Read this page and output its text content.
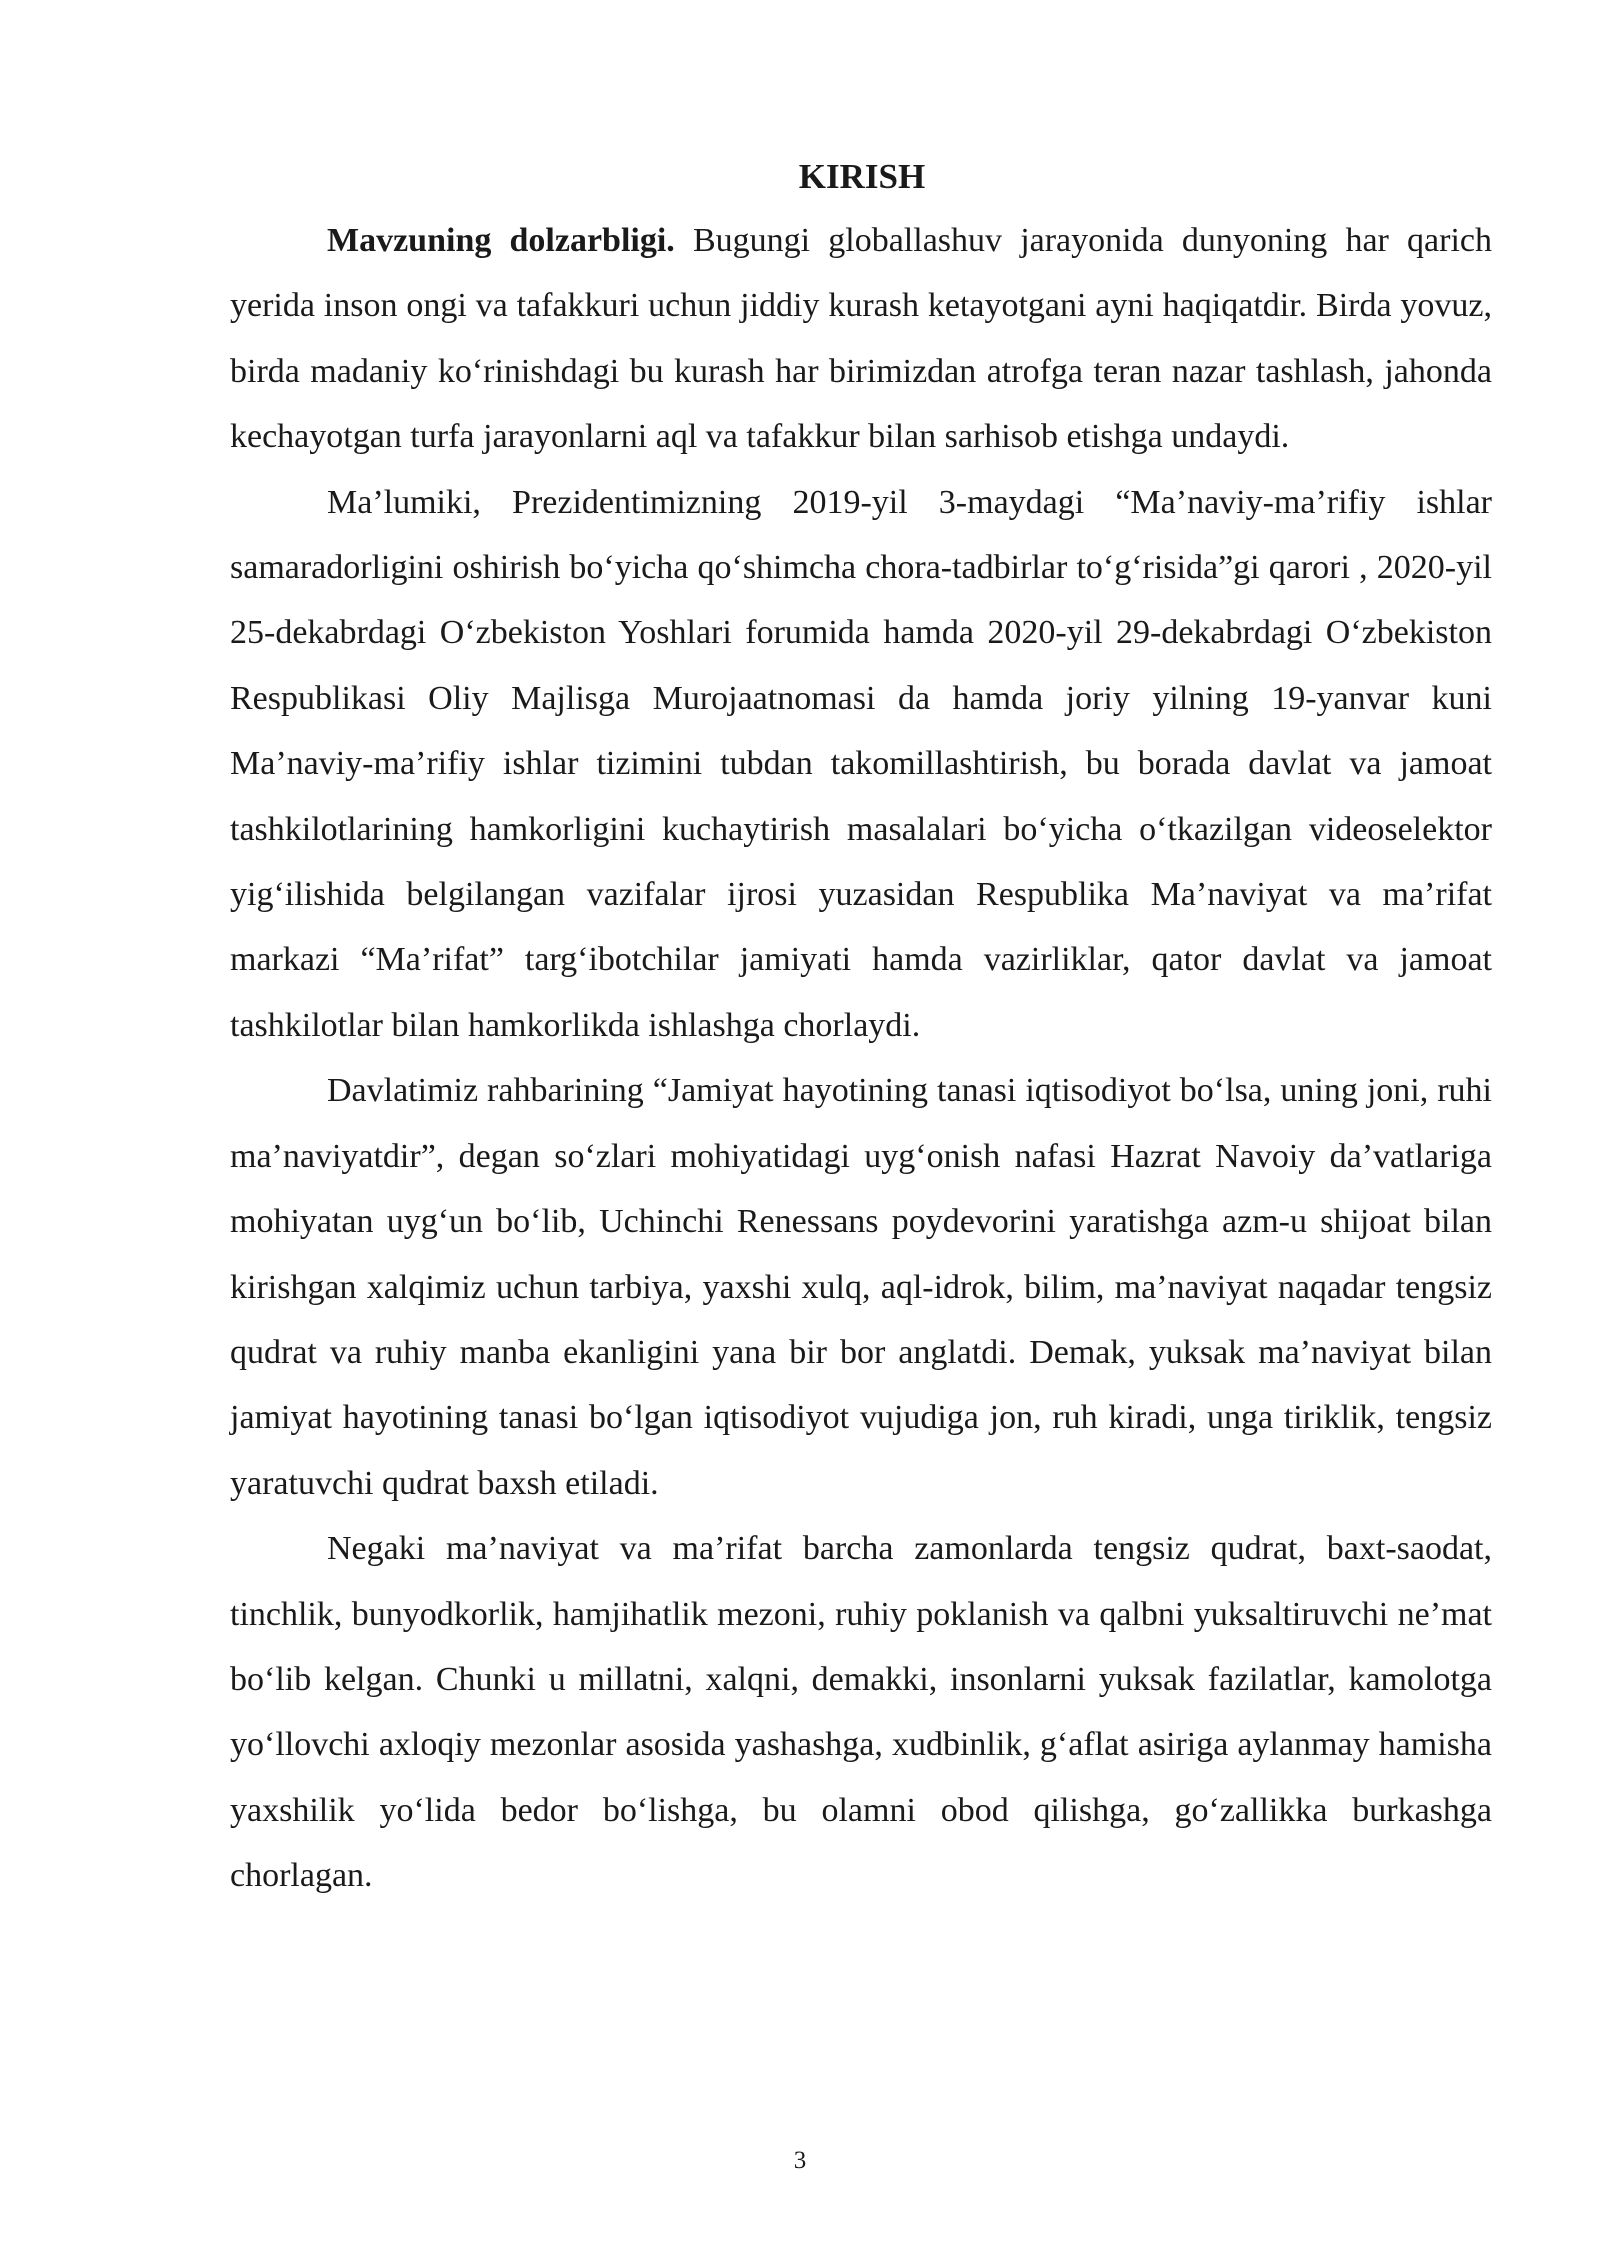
KIRISH

Mavzuning dolzarbligi. Bugungi globallashuv jarayonida dunyoning har qarich yerida inson ongi va tafakkuri uchun jiddiy kurash ketayotgani ayni haqiqatdir. Birda yovuz, birda madaniy ko‘rinishdagi bu kurash har birimizdan atrofga teran nazar tashlash, jahonda kechayotgan turfa jarayonlarni aql va tafakkur bilan sarhisob etishga undaydi.

Ma’lumiki, Prezidentimizning 2019-yil 3-maydagi “Ma’naviy-ma’rifiy ishlar samaradorligini oshirish bo‘yicha qo‘shimcha chora-tadbirlar to‘g‘risida”gi qarori , 2020-yil 25-dekabrdagi O‘zbekiston Yoshlari forumida hamda 2020-yil 29-dekabrdagi O‘zbekiston Respublikasi Oliy Majlisga Murojaatnomasi da hamda joriy yilning 19-yanvar kuni Ma’naviy-ma’rifiy ishlar tizimini tubdan takomillashtirish, bu borada davlat va jamoat tashkilotlarining hamkorligini kuchaytirish masalalari bo‘yicha o‘tkazilgan videoselektor yig‘ilishida belgilangan vazifalar ijrosi yuzasidan Respublika Ma’naviyat va ma’rifat markazi “Ma’rifat” targ‘ibotchilar jamiyati hamda vazirliklar, qator davlat va jamoat tashkilotlar bilan hamkorlikda ishlashga chorlaydi.

Davlatimiz rahbarining “Jamiyat hayotining tanasi iqtisodiyot bo‘lsa, uning joni, ruhi ma’naviyatdir”, degan so‘zlari mohiyatidagi uyg‘onish nafasi Hazrat Navoiy da’vatlariga mohiyatan uyg‘un bo‘lib, Uchinchi Renessans poydevorini yaratishga azm-u shijoat bilan kirishgan xalqimiz uchun tarbiya, yaxshi xulq, aql-idrok, bilim, ma’naviyat naqadar tengsiz qudrat va ruhiy manba ekanligini yana bir bor anglatdi. Demak, yuksak ma’naviyat bilan jamiyat hayotining tanasi bo‘lgan iqtisodiyot vujudiga jon, ruh kiradi, unga tiriklik, tengsiz yaratuvchi qudrat baxsh etiladi.

Negaki ma’naviyat va ma’rifat barcha zamonlarda tengsiz qudrat, baxt-saodat, tinchlik, bunyodkorlik, hamjihatlik mezoni, ruhiy poklanish va qalbni yuksaltiruvchi ne’mat bo‘lib kelgan. Chunki u millatni, xalqni, demakki, insonlarni yuksak fazilatlar, kamolotga yo‘llovchi axloqiy mezonlar asosida yashashga, xudbinlik, g‘aflat asiriga aylanmay hamisha yaxshilik yo‘lida bedor bo‘lishga, bu olamni obod qilishga, go‘zallikka burkashga chorlagan.

3
